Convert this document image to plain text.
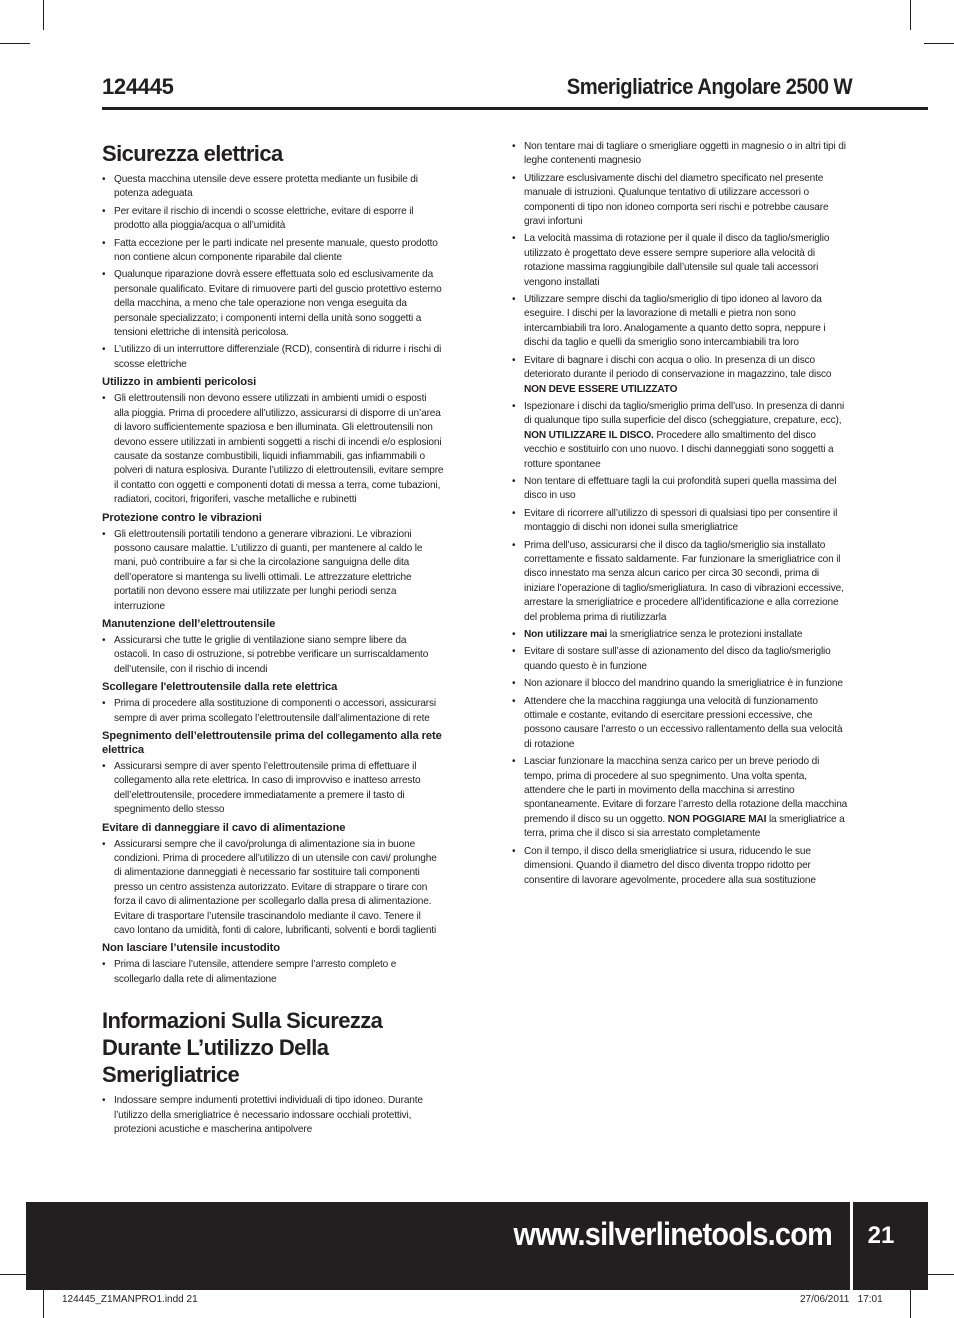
124445	Smerigliatrice Angolare 2500 W
Sicurezza elettrica
• Questa macchina utensile deve essere protetta mediante un fusibile di potenza adeguata
• Per evitare il rischio di incendi o scosse elettriche, evitare di esporre il prodotto alla pioggia/acqua o all’umidità
• Fatta eccezione per le parti indicate nel presente manuale, questo prodotto non contiene alcun componente riparabile dal cliente
• Qualunque riparazione dovrà essere effettuata solo ed esclusivamente da personale qualificato. Evitare di rimuovere parti del guscio protettivo esterno della macchina, a meno che tale operazione non venga eseguita da personale specializzato; i componenti interni della unità sono soggetti a tensioni elettriche di intensità pericolosa.
• L’utilizzo di un interruttore differenziale (RCD), consentirà di ridurre i rischi di scosse elettriche
Utilizzo in ambienti pericolosi
• Gli elettroutensili non devono essere utilizzati in ambienti umidi o esposti alla pioggia. Prima di procedere all’utilizzo, assicurarsi di disporre di un’area di lavoro sufficientemente spaziosa e ben illuminata. Gli elettroutensili non devono essere utilizzati in ambienti soggetti a rischi di incendi e/o esplosioni causate da sostanze combustibili, liquidi infiammabili, gas infiammabili o polveri di natura esplosiva. Durante l’utilizzo di elettroutensili, evitare sempre il contatto con oggetti e componenti dotati di messa a terra, come tubazioni, radiatori, cocitori, frigoriferi, vasche metalliche e rubinetti
Protezione contro le vibrazioni
• Gli elettroutensili portatili tendono a generare vibrazioni. Le vibrazioni possono causare malattie. L’utilizzo di guanti, per mantenere al caldo le mani, può contribuire a far si che la circolazione sanguigna delle dita dell’operatore si mantenga su livelli ottimali. Le attrezzature elettriche portatili non devono essere mai utilizzate per lunghi periodi senza interruzione
Manutenzione dell’elettroutensile
• Assicurarsi che tutte le griglie di ventilazione siano sempre libere da ostacoli. In caso di ostruzione, si potrebbe verificare un surriscaldamento dell’utensile, con il rischio di incendi
Scollegare l'elettroutensile dalla rete elettrica
• Prima di procedere alla sostituzione di componenti o accessori, assicurarsi sempre di aver prima scollegato l’elettroutensile dall’alimentazione di rete
Spegnimento dell’elettroutensile prima del collegamento alla rete elettrica
• Assicurarsi sempre di aver spento l’elettroutensile prima di effettuare il collegamento alla rete elettrica. In caso di improvviso e inatteso arresto dell’elettroutensile, procedere immediatamente a premere il tasto di spegnimento dello stesso
Evitare di danneggiare il cavo di alimentazione
• Assicurarsi sempre che il cavo/prolunga di alimentazione sia in buone condizioni. Prima di procedere all’utilizzo di un utensile con cavi/ prolunghe di alimentazione danneggiati è necessario far sostituire tali componenti presso un centro assistenza autorizzato. Evitare di strappare o tirare con forza il cavo di alimentazione per scollegarlo dalla presa di alimentazione. Evitare di trasportare l’utensile trascinandolo mediante il cavo. Tenere il cavo lontano da umidità, fonti di calore, lubrificanti, solventi e bordi taglienti
Non lasciare l’utensile incustodito
• Prima di lasciare l’utensile, attendere sempre l’arresto completo e scollegarlo dalla rete di alimentazione
Informazioni Sulla Sicurezza Durante L’utilizzo Della Smerigliatrice
• Indossare sempre indumenti protettivi individuali di tipo idoneo. Durante l’utilizzo della smerigliatrice è necessario indossare occhiali protettivi, protezioni acustiche e mascherina antipolvere
• Non tentare mai di tagliare o smerigliare oggetti in magnesio o in altri tipi di leghe contenenti magnesio
• Utilizzare esclusivamente dischi del diametro specificato nel presente manuale di istruzioni. Qualunque tentativo di utilizzare accessori o componenti di tipo non idoneo comporta seri rischi e potrebbe causare gravi infortuni
• La velocità massima di rotazione per il quale il disco da taglio/smeriglio utilizzato è progettato deve essere sempre superiore alla velocità di rotazione massima raggiungibile dall’utensile sul quale tali accessori vengono installati
• Utilizzare sempre dischi da taglio/smeriglio di tipo idoneo al lavoro da eseguire. I dischi per la lavorazione di metalli e pietra non sono intercambiabili tra loro. Analogamente a quanto detto sopra, neppure i dischi da taglio e quelli da smeriglio sono intercambiabili tra loro
• Evitare di bagnare i dischi con acqua o olio. In presenza di un disco deteriorato durante il periodo di conservazione in magazzino, tale disco NON DEVE ESSERE UTILIZZATO
• Ispezionare i dischi da taglio/smeriglio prima dell’uso. In presenza di danni di qualunque tipo sulla superficie del disco (scheggiature, crepature, ecc), NON UTILIZZARE IL DISCO. Procedere allo smaltimento del disco vecchio e sostituirlo con uno nuovo. I dischi danneggiati sono soggetti a rotture spontanee
• Non tentare di effettuare tagli la cui profondità superi quella massima del disco in uso
• Evitare di ricorrere all’utilizzo di spessori di qualsiasi tipo per consentire il montaggio di dischi non idonei sulla smerigliatrice
• Prima dell’uso, assicurarsi che il disco da taglio/smeriglio sia installato correttamente e fissato saldamente. Far funzionare la smerigliatrice con il disco innestato ma senza alcun carico per circa 30 secondi, prima di iniziare l’operazione di taglio/smerigliatura. In caso di vibrazioni eccessive, arrestare la smerigliatrice e procedere all’identificazione e alla correzione del problema prima di riutilizzarla
• Non utilizzare mai la smerigliatrice senza le protezioni installate
• Evitare di sostare sull’asse di azionamento del disco da taglio/smeriglio quando questo è in funzione
• Non azionare il blocco del mandrino quando la smerigliatrice è in funzione
• Attendere che la macchina raggiunga una velocità di funzionamento ottimale e costante, evitando di esercitare pressioni eccessive, che possono causare l’arresto o un eccessivo rallentamento della sua velocità di rotazione
• Lasciar funzionare la macchina senza carico per un breve periodo di tempo, prima di procedere al suo spegnimento. Una volta spenta, attendere che le parti in movimento della macchina si arrestino spontaneamente. Evitare di forzare l’arresto della rotazione della macchina premendo il disco su un oggetto. NON POGGIARE MAI la smerigliatrice a terra, prima che il disco si sia arrestato completamente
• Con il tempo, il disco della smerigliatrice si usura, riducendo le sue dimensioni. Quando il diametro del disco diventa troppo ridotto per consentire di lavorare agevolmente, procedere alla sua sostituzione
www.silverlinetools.com	21
124445_Z1MANPRO1.indd 21	27/06/2011   17:01
